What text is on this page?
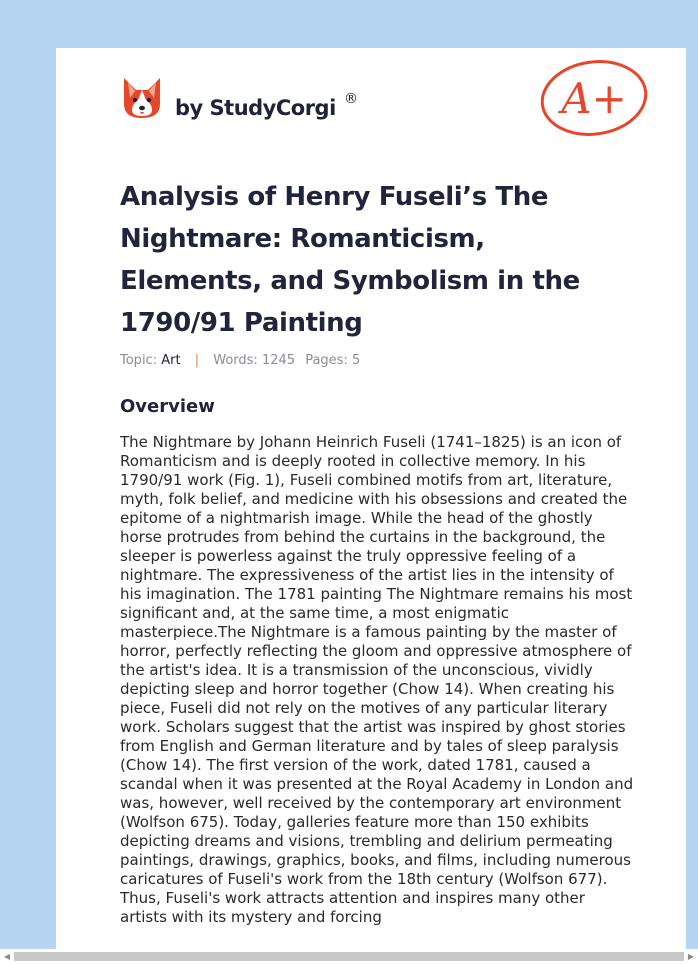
by StudyCorgi ®	A+
Analysis of Henry Fuseli’s The Nightmare: Romanticism, Elements, and Symbolism in the 1790/91 Painting
Topic: Art | Words: 1245 Pages: 5
Overview

The Nightmare by Johann Heinrich Fuseli (1741–1825) is an icon of Romanticism and is deeply rooted in collective memory. In his 1790/91 work (Fig. 1), Fuseli combined motifs from art, literature, myth, folk belief, and medicine with his obsessions and created the epitome of a nightmarish image. While the head of the ghostly horse protrudes from behind the curtains in the background, the sleeper is powerless against the truly oppressive feeling of a nightmare. The expressiveness of the artist lies in the intensity of his imagination. The 1781 painting The Nightmare remains his most significant and, at the same time, a most enigmatic masterpiece.The Nightmare is a famous painting by the master of horror, perfectly reflecting the gloom and oppressive atmosphere of the artist's idea. It is a transmission of the unconscious, vividly depicting sleep and horror together (Chow 14). When creating his piece, Fuseli did not rely on the motives of any particular literary work. Scholars suggest that the artist was inspired by ghost stories from English and German literature and by tales of sleep paralysis (Chow 14). The first version of the work, dated 1781, caused a scandal when it was presented at the Royal Academy in London and was, however, well received by the contemporary art environment (Wolfson 675). Today, galleries feature more than 150 exhibits depicting dreams and visions, trembling and delirium permeating paintings, drawings, graphics, books, and films, including numerous caricatures of Fuseli's work from the 18th century (Wolfson 677). Thus, Fuseli's work attracts attention and inspires many other artists with its mystery and forcing

◀	▶
